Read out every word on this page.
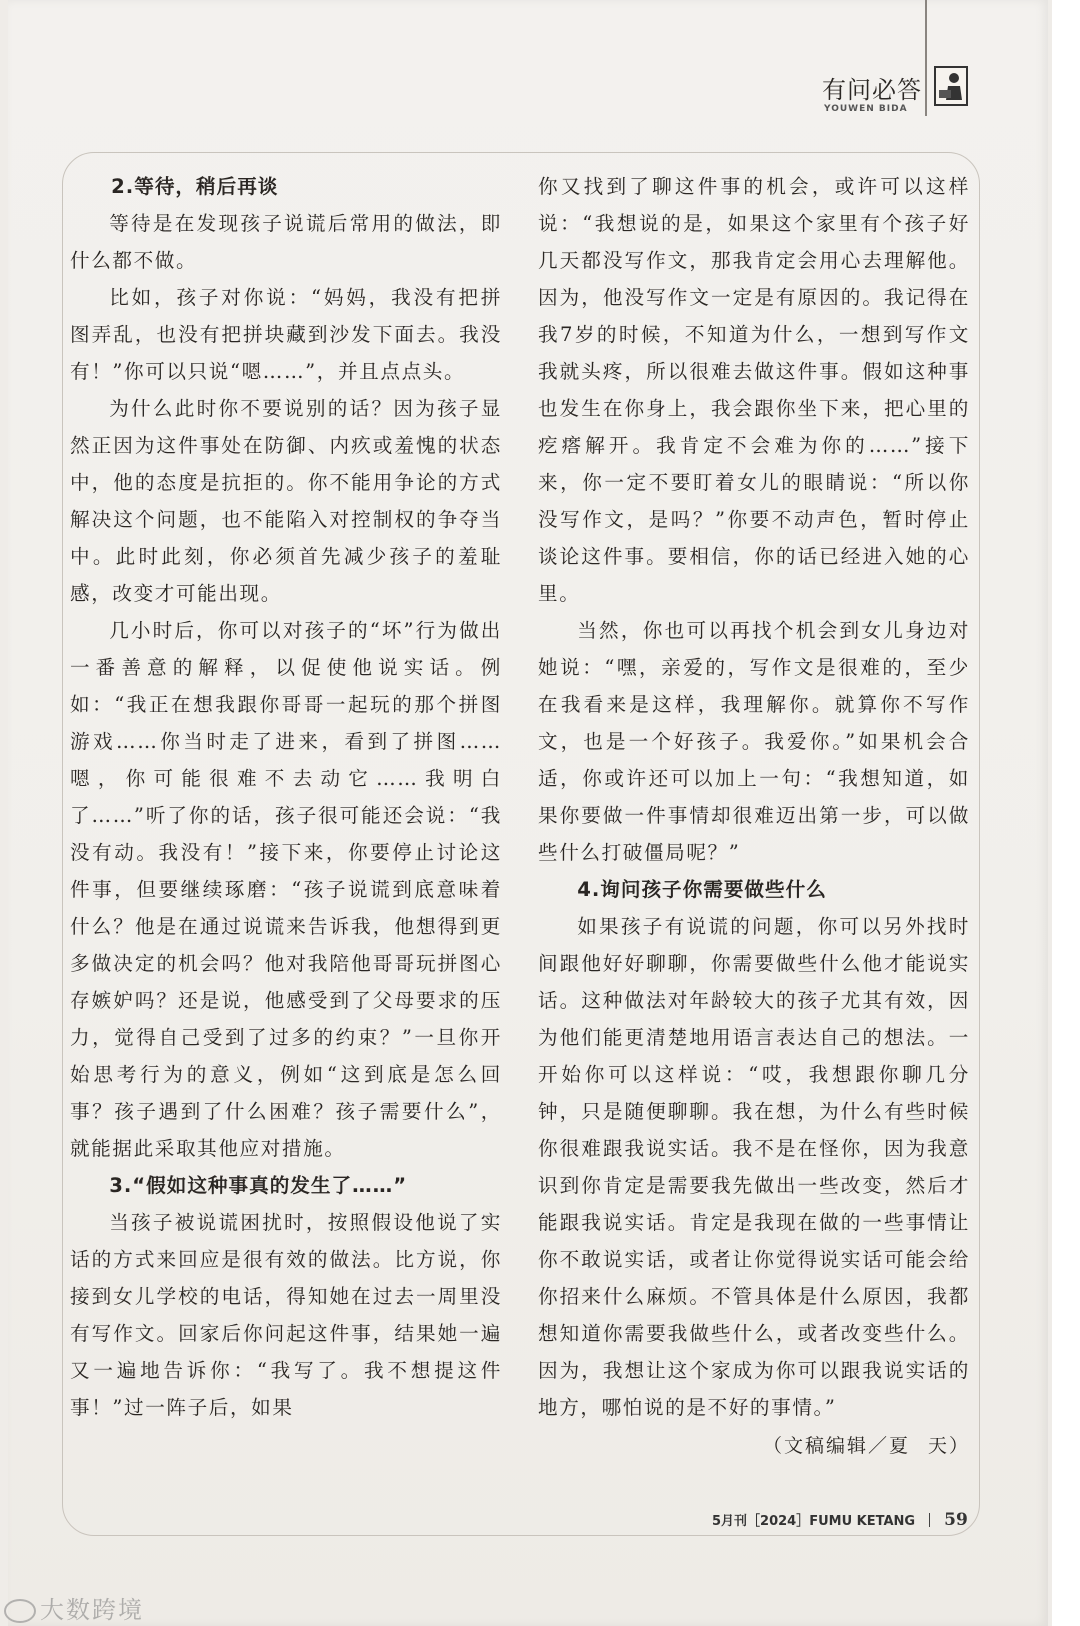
有问必答
YOUWEN BIDA
2.等待，稍后再谈

等待是在发现孩子说谎后常用的做法，即什么都不做。

比如，孩子对你说：“妈妈，我没有把拼图弄乱，也没有把拼块藏到沙发下面去。我没有！”你可以只说“嗯……”，并且点点头。

为什么此时你不要说别的话？因为孩子显然正因为这件事处在防御、内疚或羞愧的状态中，他的态度是抗拒的。你不能用争论的方式解决这个问题，也不能陷入对控制权的争夺当中。此时此刻，你必须首先减少孩子的羞耻感，改变才可能出现。

几小时后，你可以对孩子的“坏”行为做出一番善意的解释，以促使他说实话。例如：“我正在想我跟你哥哥一起玩的那个拼图游戏……你当时走了进来，看到了拼图……嗯，你可能很难不去动它……我明白了……”听了你的话，孩子很可能还会说：“我没有动。我没有！”接下来，你要停止讨论这件事，但要继续琢磨：“孩子说谎到底意味着什么？他是在通过说谎来告诉我，他想得到更多做决定的机会吗？他对我陪他哥哥玩拼图心存嫉妒吗？还是说，他感受到了父母要求的压力，觉得自己受到了过多的约束？”一旦你开始思考行为的意义，例如“这到底是怎么回事？孩子遇到了什么困难？孩子需要什么”，就能据此采取其他应对措施。

3.“假如这种事真的发生了……”

当孩子被说谎困扰时，按照假设他说了实话的方式来回应是很有效的做法。比方说，你接到女儿学校的电话，得知她在过去一周里没有写作文。回家后你问起这件事，结果她一遍又一遍地告诉你：“我写了。我不想提这件事！”过一阵子后，如果

你又找到了聊这件事的机会，或许可以这样说：“我想说的是，如果这个家里有个孩子好几天都没写作文，那我肯定会用心去理解他。因为，他没写作文一定是有原因的。我记得在我7岁的时候，不知道为什么，一想到写作文我就头疼，所以很难去做这件事。假如这种事也发生在你身上，我会跟你坐下来，把心里的疙瘩解开。我肯定不会难为你的……”接下来，你一定不要盯着女儿的眼睛说：“所以你没写作文，是吗？”你要不动声色，暂时停止谈论这件事。要相信，你的话已经进入她的心里。

当然，你也可以再找个机会到女儿身边对她说：“嘿，亲爱的，写作文是很难的，至少在我看来是这样，我理解你。就算你不写作文，也是一个好孩子。我爱你。”如果机会合适，你或许还可以加上一句：“我想知道，如果你要做一件事情却很难迈出第一步，可以做些什么打破僵局呢？”

4.询问孩子你需要做些什么

如果孩子有说谎的问题，你可以另外找时间跟他好好聊聊，你需要做些什么他才能说实话。这种做法对年龄较大的孩子尤其有效，因为他们能更清楚地用语言表达自己的想法。一开始你可以这样说：“哎，我想跟你聊几分钟，只是随便聊聊。我在想，为什么有些时候你很难跟我说实话。我不是在怪你，因为我意识到你肯定是需要我先做出一些改变，然后才能跟我说实话。肯定是我现在做的一些事情让你不敢说实话，或者让你觉得说实话可能会给你招来什么麻烦。不管具体是什么原因，我都想知道你需要我做些什么，或者改变些什么。因为，我想让这个家成为你可以跟我说实话的地方，哪怕说的是不好的事情。”

（文稿编辑／夏 天）
5月刊［2024］FUMU KETANG 59
大数跨境
